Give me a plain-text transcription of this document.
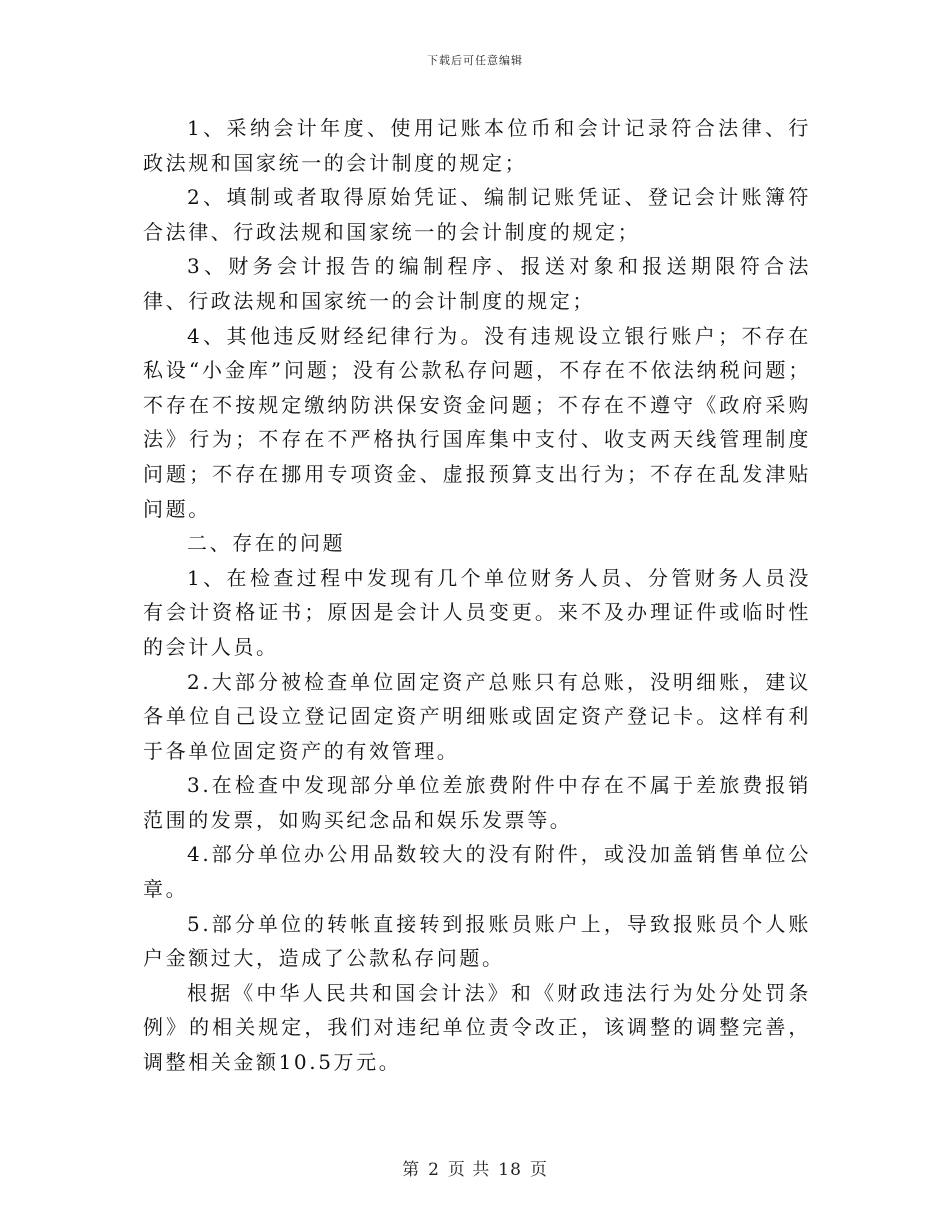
下载后可任意编辑

1、采纳会计年度、使用记账本位币和会计记录符合法律、行政法规和国家统一的会计制度的规定；

2、填制或者取得原始凭证、编制记账凭证、登记会计账簿符合法律、行政法规和国家统一的会计制度的规定；

3、财务会计报告的编制程序、报送对象和报送期限符合法律、行政法规和国家统一的会计制度的规定；

4、其他违反财经纪律行为。没有违规设立银行账户；不存在私设“小金库”问题；没有公款私存问题，不存在不依法纳税问题；不存在不按规定缴纳防洪保安资金问题；不存在不遵守《政府采购法》行为；不存在不严格执行国库集中支付、收支两天线管理制度问题；不存在挪用专项资金、虚报预算支出行为；不存在乱发津贴问题。

二、存在的问题

1、在检查过程中发现有几个单位财务人员、分管财务人员没有会计资格证书；原因是会计人员变更。来不及办理证件或临时性的会计人员。

2.大部分被检查单位固定资产总账只有总账，没明细账，建议各单位自己设立登记固定资产明细账或固定资产登记卡。这样有利于各单位固定资产的有效管理。

3.在检查中发现部分单位差旅费附件中存在不属于差旅费报销范围的发票，如购买纪念品和娱乐发票等。

4.部分单位办公用品数较大的没有附件，或没加盖销售单位公章。

5.部分单位的转帐直接转到报账员账户上，导致报账员个人账户金额过大，造成了公款私存问题。

根据《中华人民共和国会计法》和《财政违法行为处分处罚条例》的相关规定，我们对违纪单位责令改正，该调整的调整完善，调整相关金额10.5万元。

第 2 页 共 18 页
